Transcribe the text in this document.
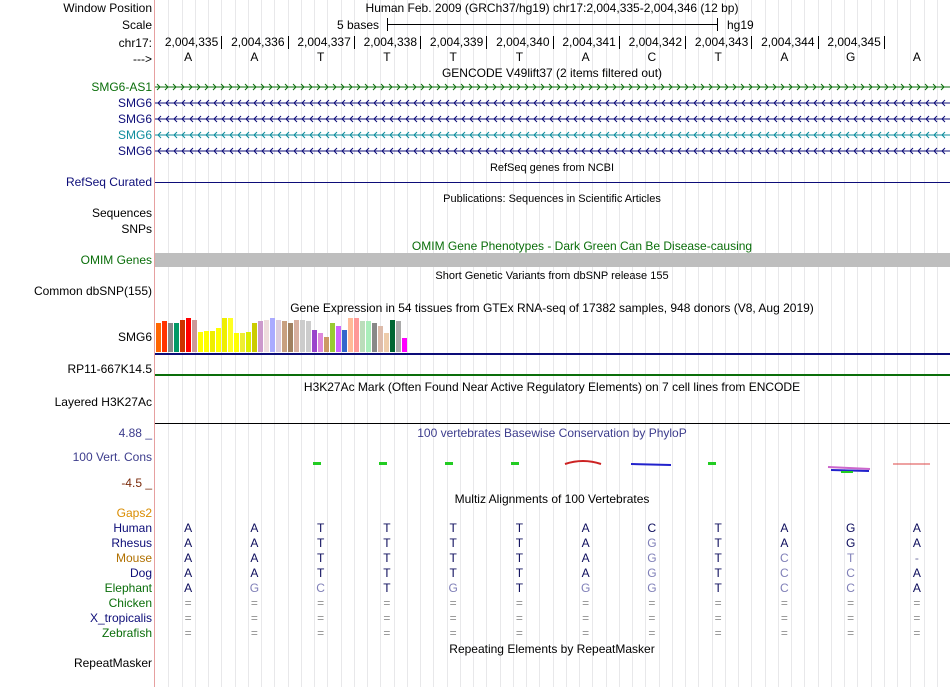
Window Position
Scale
chr17:
--->
SMG6-AS1
SMG6
SMG6
SMG6
SMG6
RefSeq Curated
Sequences
SNPs
OMIM Genes
Common dbSNP(155)
SMG6
RP11-667K14.5
Layered H3K27Ac
4.88 _
100 Vert. Cons
-4.5 _
Gaps2
Human
Rhesus
Mouse
Dog
Elephant
Chicken
X_tropicalis
Zebrafish
RepeatMasker
Human Feb. 2009 (GRCh37/hg19) chr17:2,004,335-2,004,346 (12 bp)
5 bases	hg19
2,004,335 2,004,336 2,004,337 2,004,338 2,004,339 2,004,340 2,004,341 2,004,342 2,004,343 2,004,344 2,004,345
A	A	T	T	T	T	A	C	T	A	G	A
GENCODE V49lift37 (2 items filtered out)
RefSeq genes from NCBI
Publications: Sequences in Scientific Articles
OMIM Gene Phenotypes - Dark Green Can Be Disease-causing
Short Genetic Variants from dbSNP release 155
Gene Expression in 54 tissues from GTEx RNA-seq of 17382 samples, 948 donors (V8, Aug 2019)
H3K27Ac Mark (Often Found Near Active Regulatory Elements) on 7 cell lines from ENCODE
100 vertebrates Basewise Conservation by PhyloP
Multiz Alignments of 100 Vertebrates
A	A	T	T	T	T	A	C	T	A	G	A
A	A	T	T	T	T	A	G	T	A	G	A
A	A	T	T	T	T	A	G	T	C	T	-
A	A	T	T	T	T	A	G	T	C	C	A
A	G	C	T	G	T	G	G	T	C	C	A
=	=	=	=	=	=	=	=	=	=	=	=
=	=	=	=	=	=	=	=	=	=	=	=
=	=	=	=	=	=	=	=	=	=	=	=
Repeating Elements by RepeatMasker
